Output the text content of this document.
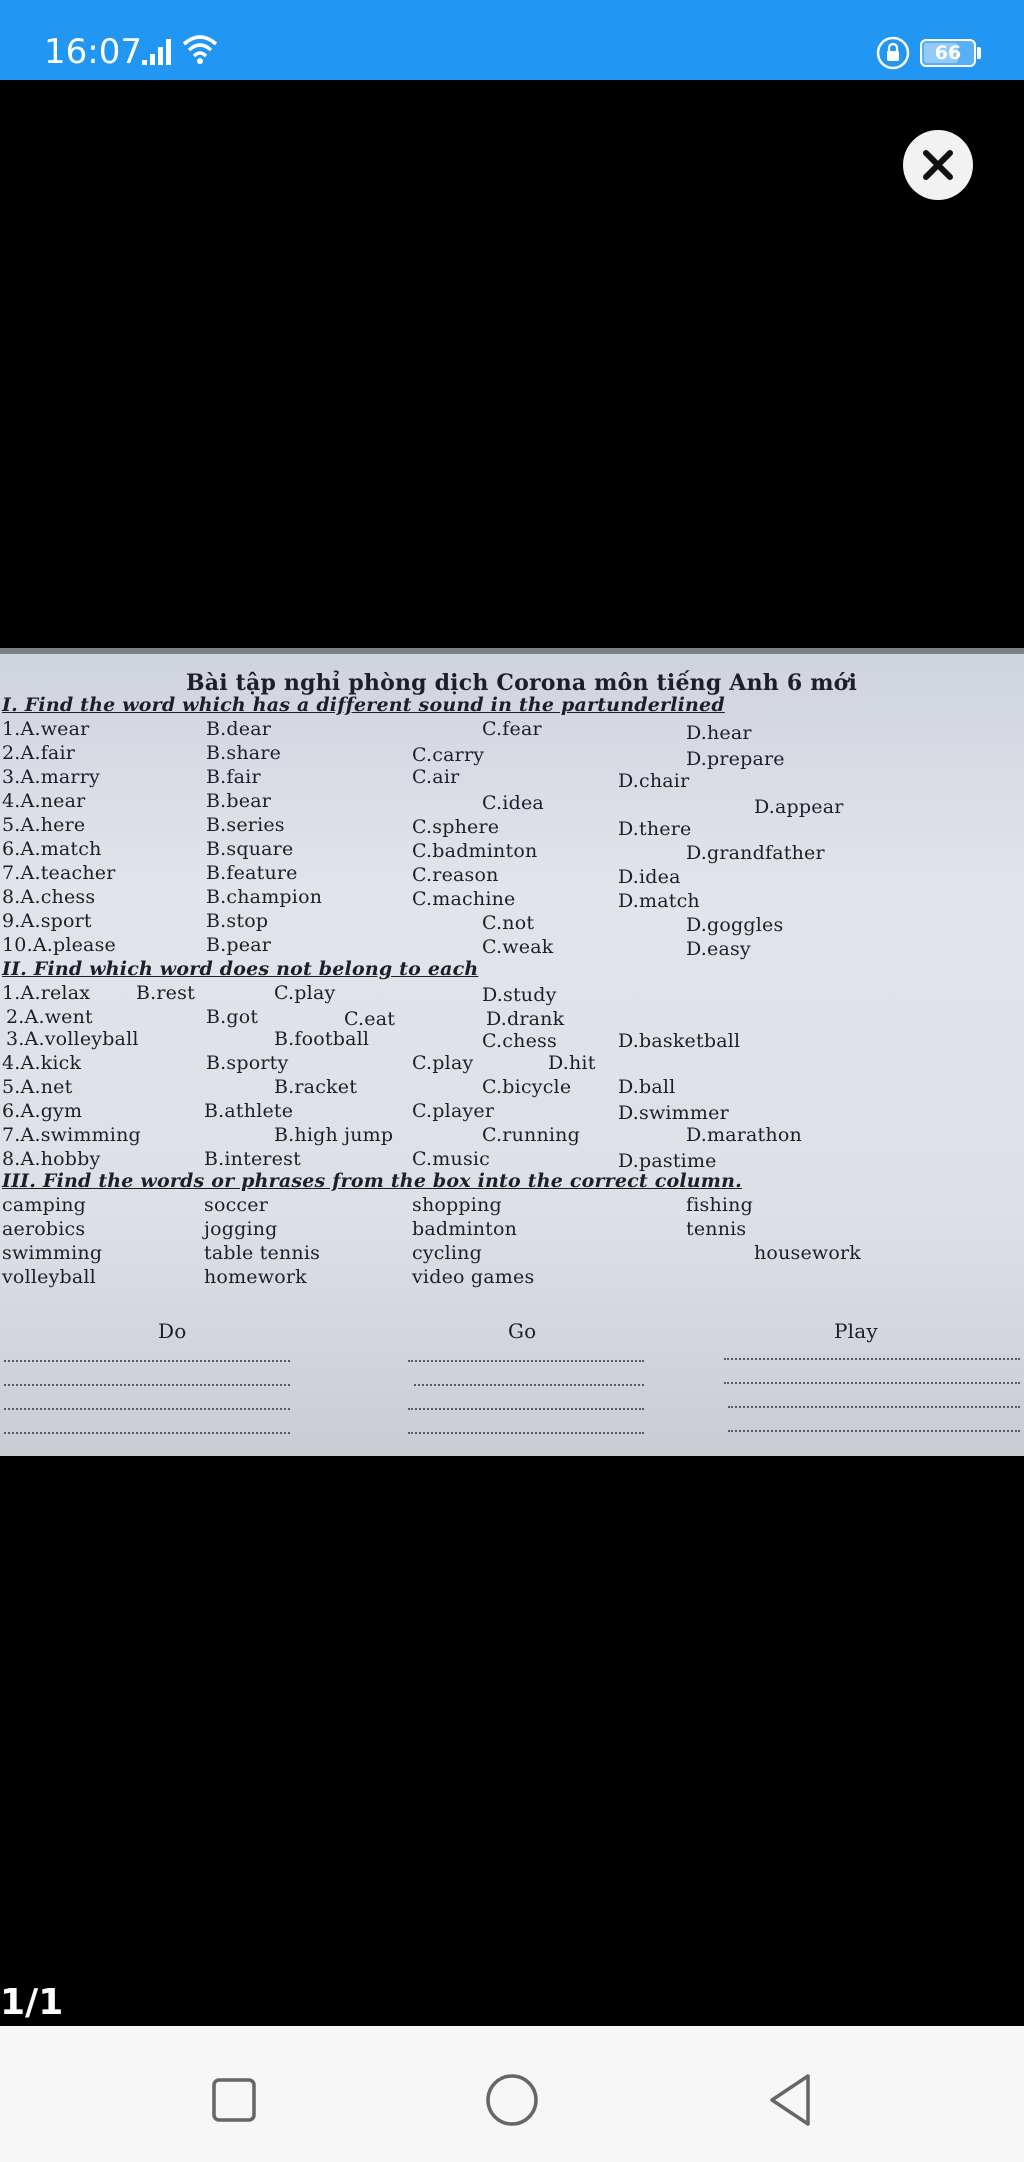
16:07	66
Bài tập nghỉ phòng dịch Corona môn tiếng Anh 6 mới
I. Find the word which has a different sound in the partunderlined
1.A.wear	B.dear	C.fear	D.hear
2.A.fair	B.share	C.carry	D.prepare
3.A.marry	B.fair	C.air	D.chair
4.A.near	B.bear	C.idea	D.appear
5.A.here	B.series	C.sphere	D.there
6.A.match	B.square	C.badminton	D.grandfather
7.A.teacher	B.feature	C.reason	D.idea
8.A.chess	B.champion	C.machine	D.match
9.A.sport	B.stop	C.not	D.goggles
10.A.please	B.pear	C.weak	D.easy
II. Find which word does not belong to each
1.A.relax B.rest	C.play	D.study
2.A.went	B.got	C.eat	D.drank
3.A.volleyball	B.football	C.chess	D.basketball
4.A.kick	B.sporty	C.play	D.hit
5.A.net	B.racket	C.bicycle D.ball
6.A.gym	B.athlete	C.player	D.swimmer
7.A.swimming	B.high jump	C.running	D.marathon
8.A.hobby	B.interest	C.music	D.pastime
III. Find the words or phrases from the box into the correct column.
camping	soccer	shopping	fishing
aerobics	jogging	badminton	tennis
swimming	table tennis	cycling	housework
volleyball	homework	video games
Do	Go	Play
1/1
